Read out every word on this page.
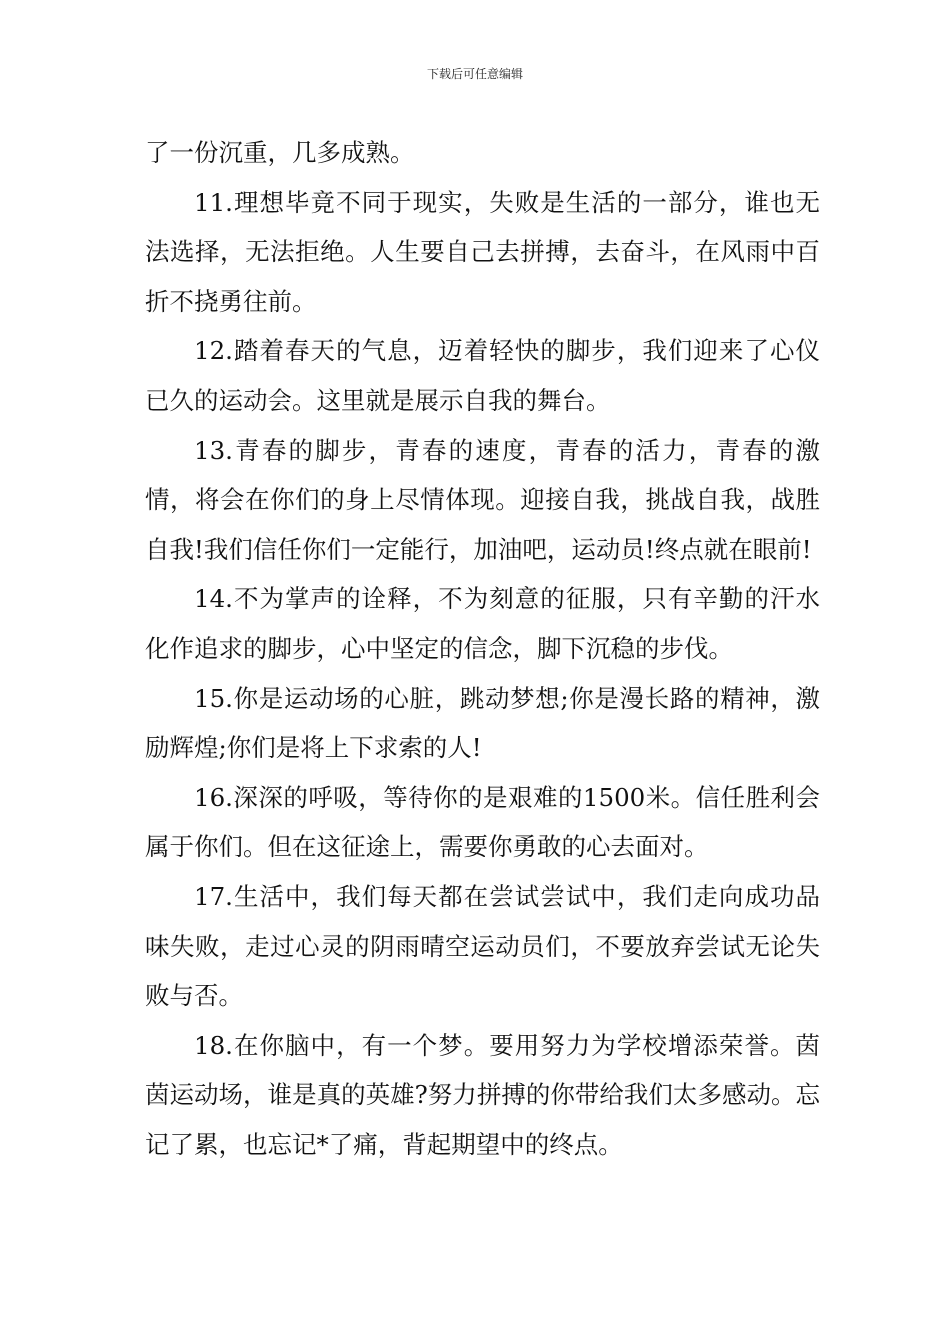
下载后可任意编辑

了一份沉重，几多成熟。

11.理想毕竟不同于现实，失败是生活的一部分，谁也无法选择，无法拒绝。人生要自己去拼搏，去奋斗，在风雨中百折不挠勇往前。

12.踏着春天的气息，迈着轻快的脚步，我们迎来了心仪已久的运动会。这里就是展示自我的舞台。

13.青春的脚步，青春的速度，青春的活力，青春的激情，将会在你们的身上尽情体现。迎接自我，挑战自我，战胜自我!我们信任你们一定能行，加油吧，运动员!终点就在眼前!

14.不为掌声的诠释，不为刻意的征服，只有辛勤的汗水化作追求的脚步，心中坚定的信念，脚下沉稳的步伐。

15.你是运动场的心脏，跳动梦想;你是漫长路的精神，激励辉煌;你们是将上下求索的人!

16.深深的呼吸，等待你的是艰难的1500米。信任胜利会属于你们。但在这征途上，需要你勇敢的心去面对。

17.生活中，我们每天都在尝试尝试中，我们走向成功品味失败，走过心灵的阴雨晴空运动员们，不要放弃尝试无论失败与否。

18.在你脑中，有一个梦。要用努力为学校增添荣誉。茵茵运动场，谁是真的英雄?努力拼搏的你带给我们太多感动。忘记了累，也忘记*了痛，背起期望中的终点。
